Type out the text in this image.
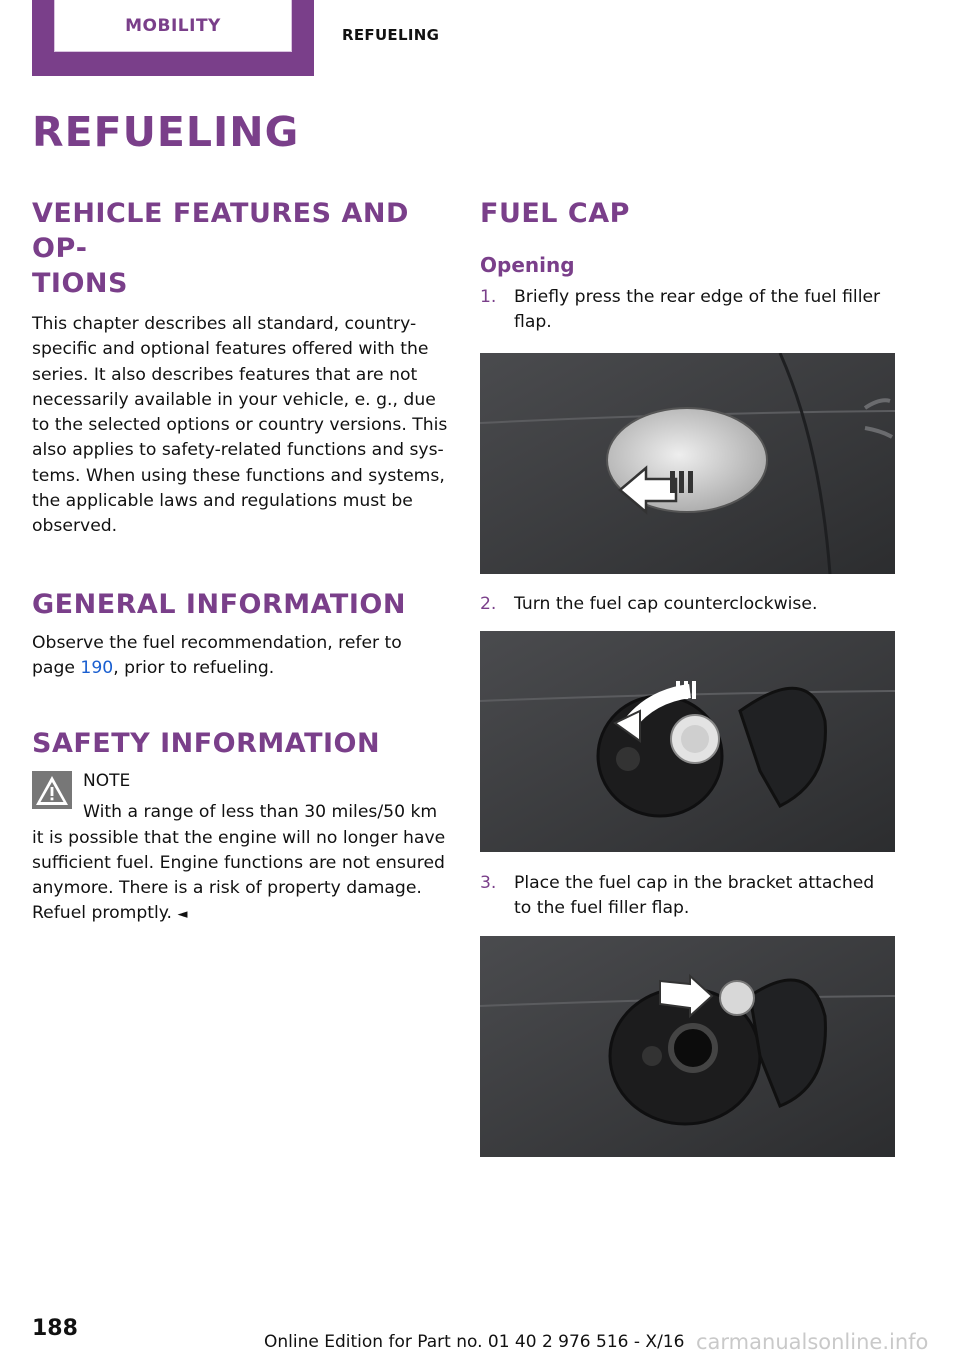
MOBILITY	REFUELING
REFUELING
VEHICLE FEATURES AND OP‐
TIONS

This chapter describes all standard, country-specific and optional features offered with the series. It also describes features that are not necessarily available in your vehicle, e. g., due to the selected options or country versions. This also applies to safety-related functions and sys‐tems. When using these functions and systems, the applicable laws and regulations must be observed.

GENERAL INFORMATION

Observe the fuel recommendation, refer to page 190, prior to refueling.

SAFETY INFORMATION
NOTE

With a range of less than 30 miles/50 km

it is possible that the engine will no longer have sufficient fuel. Engine functions are not ensured anymore. There is a risk of property damage. Refuel promptly. ◄

FUEL CAP
Opening
1. Briefly press the rear edge of the fuel filler flap.

2. Turn the fuel cap counterclockwise.

3. Place the fuel cap in the bracket attached to the fuel filler flap.

188
Online Edition for Part no. 01 40 2 976 516 - X/16 carmanualsonline.info
